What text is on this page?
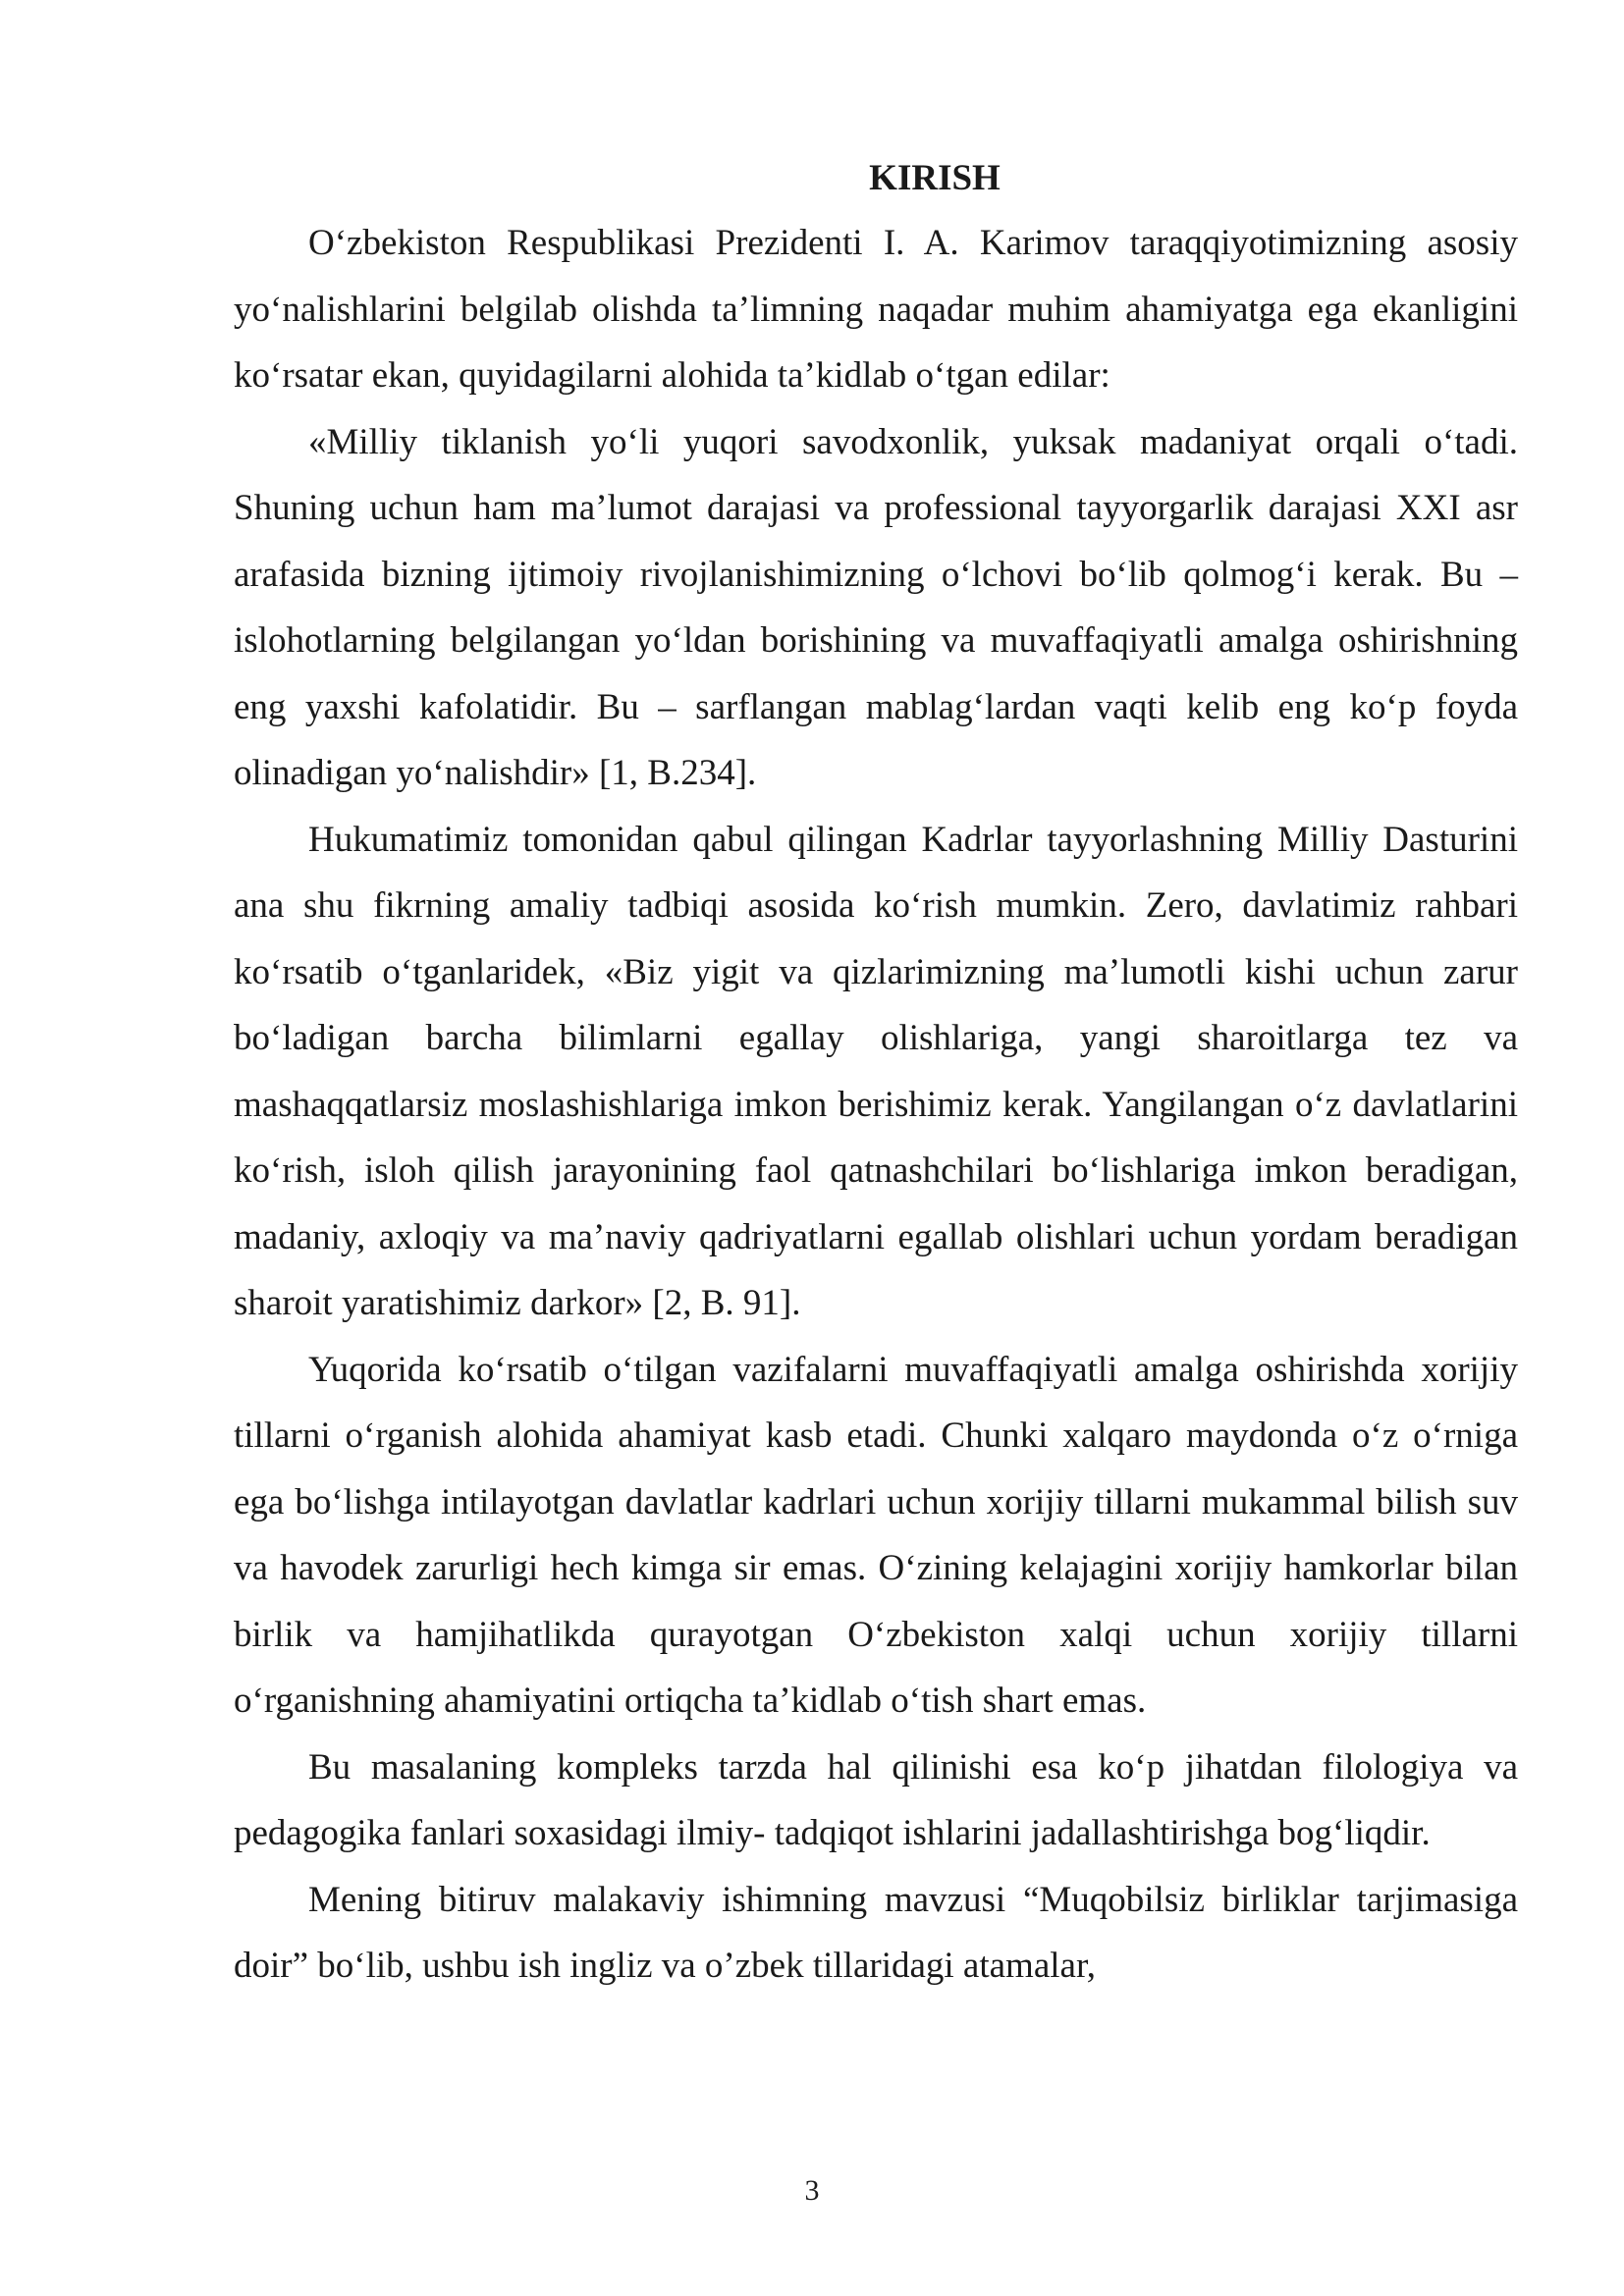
KIRISH

O‘zbekiston Respublikasi Prezidenti I. A. Karimov taraqqiyotimizning asosiy yo‘nalishlarini belgilab olishda ta’limning naqadar muhim ahamiyatga ega ekanligini ko‘rsatar ekan, quyidagilarni alohida ta’kidlab o‘tgan edilar:

«Milliy tiklanish yo‘li yuqori savodxonlik, yuksak madaniyat orqali o‘tadi. Shuning uchun ham ma’lumot darajasi va professional tayyorgarlik darajasi XXI asr arafasida bizning ijtimoiy rivojlanishimizning o‘lchovi bo‘lib qolmog‘i kerak. Bu – islohotlarning belgilangan yo‘ldan borishining va muvaffaqiyatli amalga oshirishning eng yaxshi kafolatidir. Bu – sarflangan mablag‘lardan vaqti kelib eng ko‘p foyda olinadigan yo‘nalishdir» [1, B.234].

Hukumatimiz tomonidan qabul qilingan Kadrlar tayyorlashning Milliy Dasturini ana shu fikrning amaliy tadbiqi asosida ko‘rish mumkin. Zero, davlatimiz rahbari ko‘rsatib o‘tganlaridek, «Biz yigit va qizlarimizning ma’lumotli kishi uchun zarur bo‘ladigan barcha bilimlarni egallay olishlariga, yangi sharoitlarga tez va mashaqqatlarsiz moslashishlariga imkon berishimiz kerak. Yangilangan o‘z davlatlarini ko‘rish, isloh qilish jarayonining faol qatnashchilari bo‘lishlariga imkon beradigan, madaniy, axloqiy va ma’naviy qadriyatlarni egallab olishlari uchun yordam beradigan sharoit yaratishimiz darkor» [2, B. 91].

Yuqorida ko‘rsatib o‘tilgan vazifalarni muvaffaqiyatli amalga oshirishda xorijiy tillarni o‘rganish alohida ahamiyat kasb etadi. Chunki xalqaro maydonda o‘z o‘rniga ega bo‘lishga intilayotgan davlatlar kadrlari uchun xorijiy tillarni mukammal bilish suv va havodek zarurligi hech kimga sir emas. O‘zining kelajagini xorijiy hamkorlar bilan birlik va hamjihatlikda qurayotgan O‘zbekiston xalqi uchun xorijiy tillarni o‘rganishning ahamiyatini ortiqcha ta’kidlab o‘tish shart emas.

Bu masalaning kompleks tarzda hal qilinishi esa ko‘p jihatdan filologiya va pedagogika fanlari soxasidagi ilmiy- tadqiqot ishlarini jadallashtirishga bog‘liqdir.

Mening bitiruv malakaviy ishimning mavzusi “Muqobilsiz birliklar tarjimasiga doir” bo‘lib, ushbu ish ingliz va o’zbek tillaridagi atamalar,

3
